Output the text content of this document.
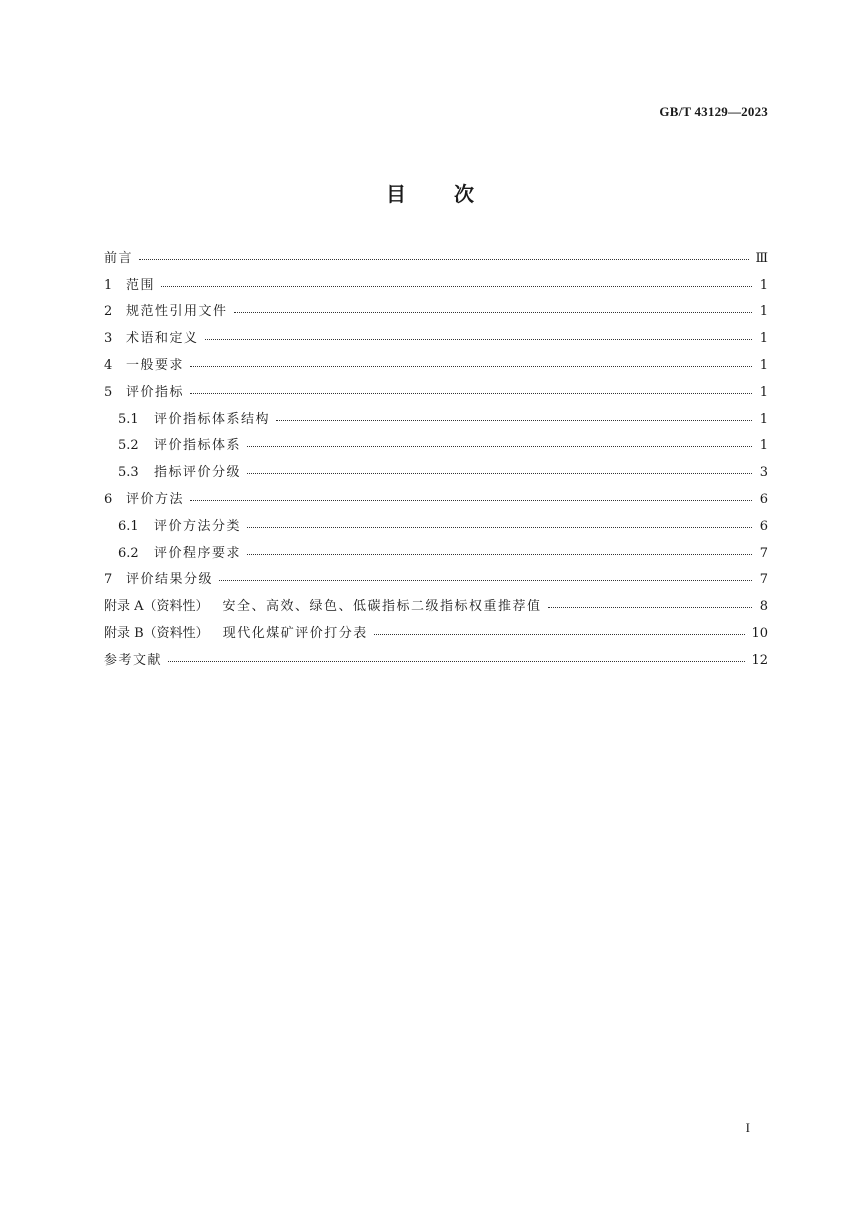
GB/T 43129—2023
目 次
前言	Ⅲ
1	范围	1
2	规范性引用文件	1
3	术语和定义	1
4	一般要求	1
5	评价指标	1
5.1	评价指标体系结构	1
5.2	评价指标体系	1
5.3	指标评价分级	3
6	评价方法	6
6.1	评价方法分类	6
6.2	评价程序要求	7
7	评价结果分级	7
附录 A（资料性） 安全、高效、绿色、低碳指标二级指标权重推荐值	8
附录 B（资料性） 现代化煤矿评价打分表	10
参考文献	12
I
